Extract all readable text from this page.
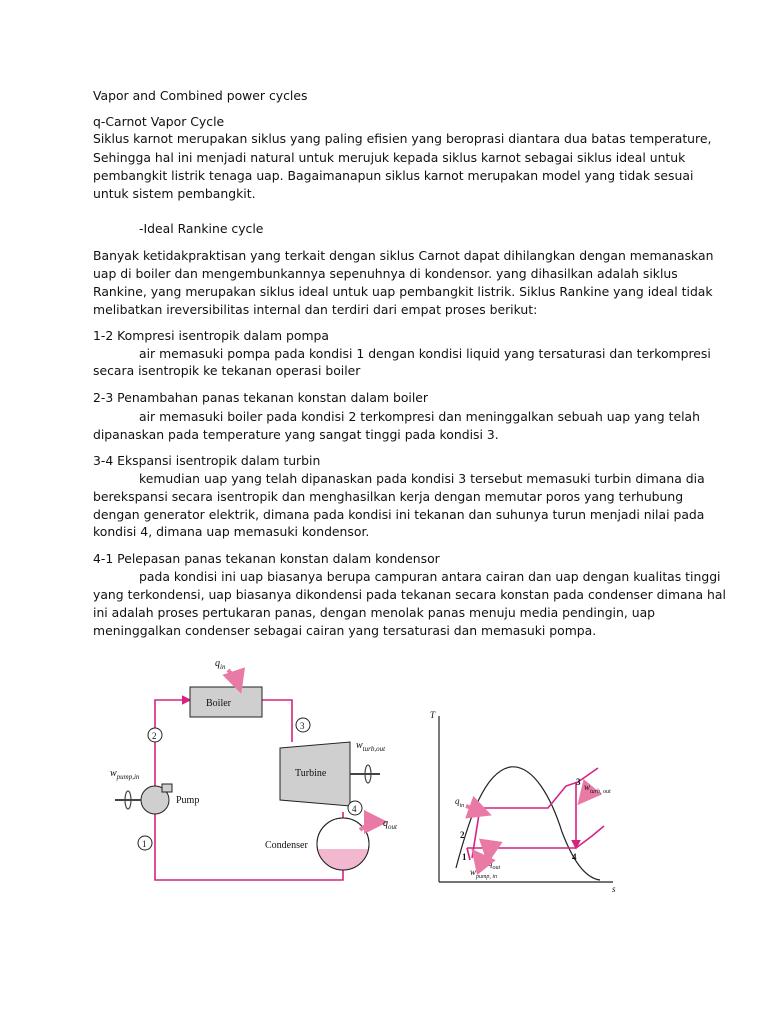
Vapor and Combined power cycles
q-Carnot Vapor Cycle
Siklus karnot merupakan siklus yang paling efisien yang beroprasi diantara dua batas temperature,
Sehingga hal ini menjadi natural untuk merujuk kepada siklus karnot sebagai siklus ideal untuk
pembangkit listrik tenaga uap. Bagaimanapun siklus karnot merupakan model yang tidak sesuai
untuk sistem pembangkit.
-Ideal Rankine cycle
Banyak ketidakpraktisan yang terkait dengan siklus Carnot dapat dihilangkan dengan memanaskan
uap di boiler dan mengembunkannya sepenuhnya di kondensor. yang dihasilkan adalah siklus
Rankine, yang merupakan siklus ideal untuk uap pembangkit listrik. Siklus Rankine yang ideal tidak
melibatkan ireversibilitas internal dan terdiri dari empat proses berikut:
1-2 Kompresi isentropik dalam pompa
air memasuki pompa pada kondisi 1 dengan kondisi liquid yang tersaturasi dan terkompresi
secara isentropik ke tekanan operasi boiler
2-3 Penambahan panas tekanan konstan dalam boiler
air memasuki boiler pada kondisi 2 terkompresi dan meninggalkan sebuah uap yang telah
dipanaskan pada temperature yang sangat tinggi pada kondisi 3.
3-4 Ekspansi isentropik dalam turbin
kemudian uap yang telah dipanaskan pada kondisi 3 tersebut memasuki turbin dimana dia
berekspansi secara isentropik dan menghasilkan kerja dengan memutar poros yang terhubung
dengan generator elektrik, dimana pada kondisi ini tekanan dan suhunya turun menjadi nilai pada
kondisi 4, dimana uap memasuki kondensor.
4-1 Pelepasan panas tekanan konstan dalam kondensor
pada kondisi ini uap biasanya berupa campuran antara cairan dan uap dengan kualitas tinggi
yang terkondensi, uap biasanya dikondensi pada tekanan secara konstan pada condenser dimana hal
ini adalah proses pertukaran panas, dengan menolak panas menuju media pendingin, uap
meninggalkan condenser sebagai cairan yang tersaturasi dan memasuki pompa.
Boiler
$q_{in}$
Turbine
$w_{turb,out}$
Pump
$w_{pump,in}$
Condenser
$q_{out}$
2
3
4
1
T
s
$q_{in}$
$q_{out}$
$w_{turb, out}$
$w_{pump, in}$
1
2
3
4
